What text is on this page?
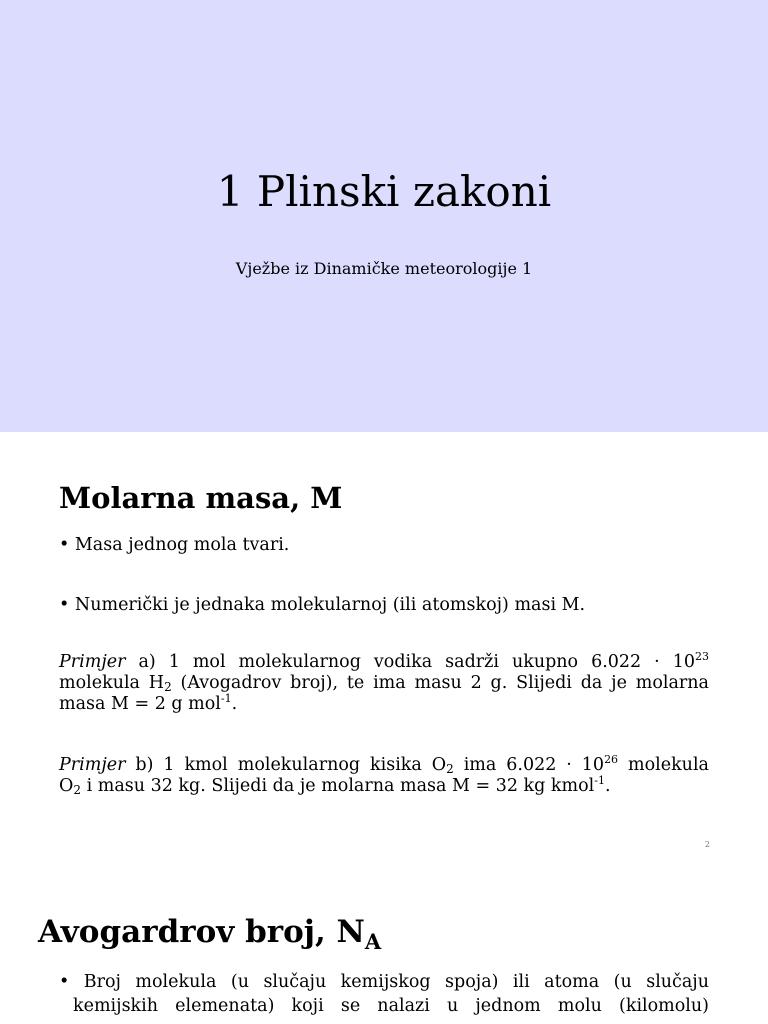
1 Plinski zakoni
Vježbe iz Dinamičke meteorologije 1
Molarna masa, M
• Masa jednog mola tvari.
• Numerički je jednaka molekularnoj (ili atomskoj) masi M.
Primjer a) 1 mol molekularnog vodika sadrži ukupno $6.022 \cdot 10^{23}$
molekula $H_2$ (Avogadrov broj), te ima masu 2 g. Slijedi da je molarna
masa M = 2 g mol$^{-1}$.
Primjer b) 1 kmol molekularnog kisika $O_2$ ima $6.022 \cdot 10^{26}$ molekula
$O_2$ i masu 32 kg. Slijedi da je molarna masa M = 32 kg kmol$^{-1}$.
2
Avogardrov broj, $N_A$
• Broj molekula (u slučaju kemijskog spoja) ili atoma (u slučaju
kemijskih elemenata) koji se nalazi u jednom molu (kilomolu)
